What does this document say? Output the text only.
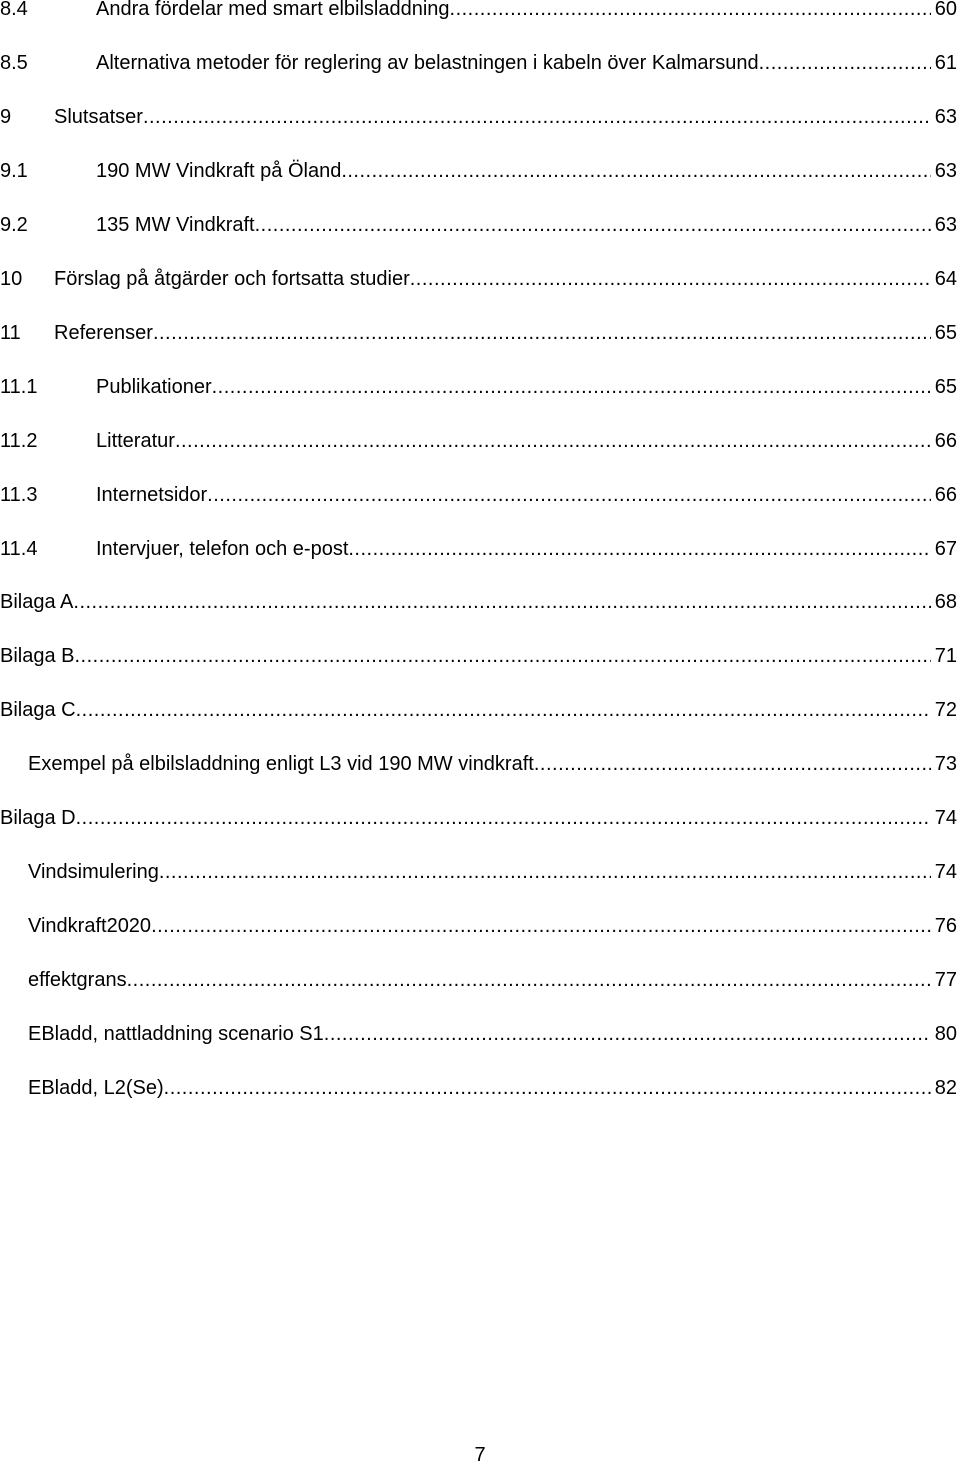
8.4	Andra fördelar med smart elbilsladdning .....	60
8.5	Alternativa metoder för reglering av belastningen i kabeln över Kalmarsund .....	61
9	Slutsatser .....	63
9.1	190 MW Vindkraft på Öland .....	63
9.2	135 MW Vindkraft .....	63
10	Förslag på åtgärder och fortsatta studier .....	64
11	Referenser .....	65
11.1	Publikationer .....	65
11.2	Litteratur .....	66
11.3	Internetsidor .....	66
11.4	Intervjuer, telefon och e-post .....	67
Bilaga A .....	68
Bilaga B .....	71
Bilaga C .....	72
Exempel på elbilsladdning enligt L3 vid 190 MW vindkraft .....	73
Bilaga D .....	74
Vindsimulering .....	74
Vindkraft2020 .....	76
effektgrans .....	77
EBladd, nattladdning scenario S1 .....	80
EBladd, L2(Se) .....	82
7
